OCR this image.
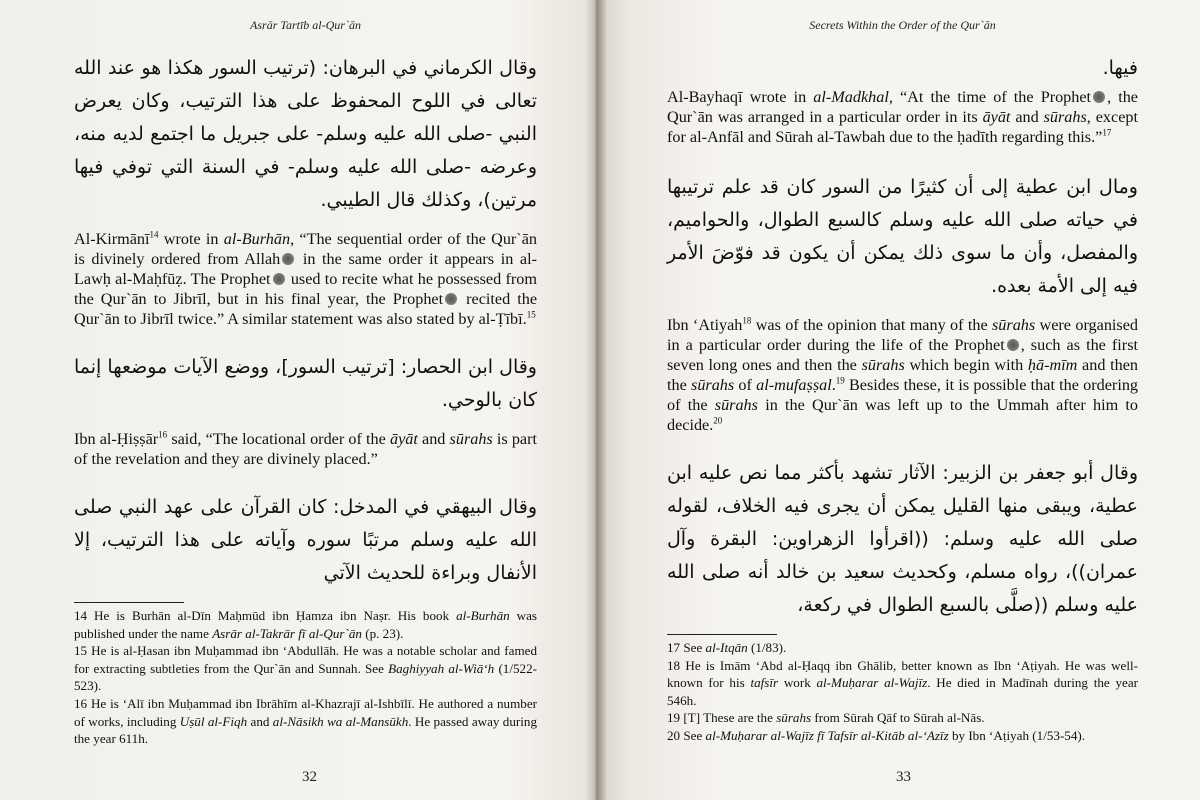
Asrār Tartīb al-Qur`ān

وقال الكرماني في البرهان: (ترتيب السور هكذا هو عند الله تعالى في اللوح المحفوظ على هذا الترتيب، وكان يعرض النبي -صلى الله عليه وسلم- على جبريل ما اجتمع لديه منه، وعرضه -صلى الله عليه وسلم- في السنة التي توفي فيها مرتين)، وكذلك قال الطيبي.

Al-Kirmānī$^{14}$ wrote in al-Burhān, “The sequential order of the Qur`ān is divinely ordered from Allah in the same order it appears in al-Lawḥ al-Maḥfūẓ. The Prophet used to recite what he possessed from the Qur`ān to Jibrīl, but in his final year, the Prophet recited the Qur`ān to Jibrīl twice.” A similar statement was also stated by al-Ṭībī.$^{15}$

وقال ابن الحصار: [ترتيب السور]، ووضع الآيات موضعها إنما كان بالوحي.

Ibn al-Ḥiṣṣār$^{16}$ said, “The locational order of the āyāt and sūrahs is part of the revelation and they are divinely placed.”

وقال البيهقي في المدخل: كان القرآن على عهد النبي صلى الله عليه وسلم مرتبًا سوره وآياته على هذا الترتيب، إلا الأنفال وبراءة للحديث الآتي

14 He is Burhān al-Dīn Maḥmūd ibn Ḥamza ibn Naṣr. His book al-Burhān was published under the name Asrār al-Takrār fī al-Qur`ān (p. 23).

15 He is al-Ḥasan ibn Muḥammad ibn ‘Abdullāh. He was a notable scholar and famed for extracting subtleties from the Qur`ān and Sunnah. See Baghiyyah al-Wiā‘h (1/522-523).

16 He is ‘Alī ibn Muḥammad ibn Ibrāhīm al-Khazrajī al-Ishbīlī. He authored a number of works, including Uṣūl al-Fiqh and al-Nāsikh wa al-Mansūkh. He passed away during the year 611h.

32
Secrets Within the Order of the Qur`ān

فيها.

Al-Bayhaqī wrote in al-Madkhal, “At the time of the Prophet , the Qur`ān was arranged in a particular order in its āyāt and sūrahs, except for al-Anfāl and Sūrah al-Tawbah due to the ḥadīth regarding this.”$^{17}$

ومال ابن عطية إلى أن كثيرًا من السور كان قد علم ترتيبها في حياته صلى الله عليه وسلم كالسبع الطوال، والحواميم، والمفصل، وأن ما سوى ذلك يمكن أن يكون قد فوّضَ الأمر فيه إلى الأمة بعده.

Ibn ‘Atiyah$^{18}$ was of the opinion that many of the sūrahs were organised in a particular order during the life of the Prophet , such as the first seven long ones and then the sūrahs which begin with ḥā-mīm and then the sūrahs of al-mufaṣṣal.$^{19}$ Besides these, it is possible that the ordering of the sūrahs in the Qur`ān was left up to the Ummah after him to decide.$^{20}$

وقال أبو جعفر بن الزبير: الآثار تشهد بأكثر مما نص عليه ابن عطية، ويبقى منها القليل يمكن أن يجرى فيه الخلاف، لقوله صلى الله عليه وسلم: ((اقرأوا الزهراوين: البقرة وآل عمران))، رواه مسلم، وكحديث سعيد بن خالد أنه صلى الله عليه وسلم ((صلَّى بالسبع الطوال في ركعة،

17 See al-Itqān (1/83).

18 He is Imām ‘Abd al-Ḥaqq ibn Ghālib, better known as Ibn ‘Aṭiyah. He was well-known for his tafsīr work al-Muḥarar al-Wajīz. He died in Madīnah during the year 546h.

19 [T] These are the sūrahs from Sūrah Qāf to Sūrah al-Nās.

20 See al-Muḥarar al-Wajīz fī Tafsīr al-Kitāb al-‘Azīz by Ibn ‘Aṭiyah (1/53-54).

33
